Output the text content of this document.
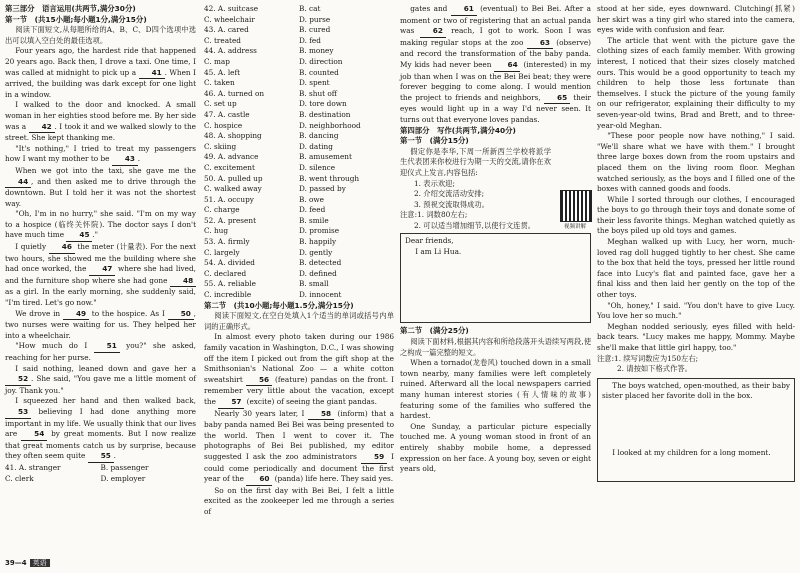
第三部分　语言运用(共两节,满分30分)

第一节　(共15小题;每小题1分,满分15分)

阅读下面短文,从每题所给的A、B、C、D四个选项中选出可以填入空白处的最佳选项。

Four years ago, the hardest ride that happened 20 years ago. Back then, I drove a taxi. One time, I was called at midnight to pick up a 41 . When I arrived, the building was dark except for one light in a window.

I walked to the door and knocked. A small woman in her eighties stood before me. By her side was a 42 . I took it and we walked slowly to the street. She kept thanking me.

"It's nothing," I tried to treat my passengers how I want my mother to be 43 .

When we got into the taxi, she gave me the 44 , and then asked me to drive through the downtown. But I told her it was not the shortest way.

"Oh, I'm in no hurry," she said. "I'm on my way to a hospice (临终关怀院). The doctor says I don't have much time 45 ."

I quietly 46 the meter (计量表). For the next two hours, she showed me the building where she had once worked, the 47 where she had lived, and the furniture shop where she had gone 48 as a girl. In the early morning, she suddenly said, "I'm tired. Let's go now."

We drove in 49 to the hospice. As I 50 , two nurses were waiting for us. They helped her into a wheelchair.

"How much do I 51 you?" she asked, reaching for her purse.

I said nothing, leaned down and gave her a 52 . She said, "You gave me a little moment of joy. Thank you."

I squeezed her hand and then walked back, 53 believing I had done anything more important in my life. We usually think that our lives are 54 by great moments. But I now realize that great moments catch us by surprise, because they often seem quite 55 .

41. A. stranger	B. passenger
C. clerk	D. employer
42. A. suitcase	B. cat
C. wheelchair	D. purse
43. A. cared	B. cured
C. treated	D. fed
44. A. address	B. money
C. map	D. direction
45. A. left	B. counted
C. taken	D. spent
46. A. turned on	B. shut off
C. set up	D. tore down
47. A. castle	B. destination
C. hospice	D. neighborhood
48. A. shopping	B. dancing
C. skiing	D. dating
49. A. advance	B. amusement
C. excitement	D. silence
50. A. pulled up	B. went through
C. walked away	D. passed by
51. A. occupy	B. owe
C. charge	D. feed
52. A. present	B. smile
C. hug	D. promise
53. A. firmly	B. happily
C. largely	D. gently
54. A. divided	B. detected
C. declared	D. defined
55. A. reliable	B. small
C. incredible	D. innocent

第二节　(共10小题;每小题1.5分,满分15分)

阅读下面短文,在空白处填入1个适当的单词或括号内单词的正确形式。

In almost every photo taken during our 1986 family vacation in Washington, D.C., I was showing off the item I picked out from the gift shop at the Smithsonian's National Zoo — a white cotton sweatshirt 56 (feature) pandas on the front. I remember very little about the vacation, except the 57 (excite) of seeing the giant pandas.

Nearly 30 years later, I 58 (inform) that a baby panda named Bei Bei was being presented to the world. Then I went to cover it. The photographs of Bei Bei published, my editor suggested I ask the zoo administrators 59 I could come periodically and document the first year of the 60 (panda) life here. They said yes.

So on the first day with Bei Bei, I felt a little excited as the zookeeper led me through a series of

gates and 61 (eventual) to Bei Bei. After a moment or two of registering that an actual panda was 62 reach, I got to work. Soon I was making regular stops at the zoo 63 (observe) and record the transformation of the baby panda. My kids had never been 64 (interested) in my job than when I was on the Bei Bei beat; they were forever begging to come along. I would mention the project to friends and neighbors, 65 their eyes would light up in a way I'd never seen. It turns out that everyone loves pandas.

第四部分　写作(共两节,满分40分)

第一节　(满分15分)

假定你是李华,下周一所新西兰学校将派学生代表团来你校进行为期一天的交流,请你在欢迎仪式上发言,内容包括:

1. 表示欢迎;

2. 介绍交流活动安排;

3. 预祝交流取得成功。

注意:1. 词数80左右;

2. 可以适当增加细节,以使行文连贯。

Dear friends,

I am Li Hua.

第二节　(满分25分)

阅读下面材料,根据其内容和所给段落开头语续写两段,使之构成一篇完整的短文。

When a tornado(龙卷风) touched down in a small town nearby, many families were left completely ruined. Afterward all the local newspapers carried many human interest stories (有人情味的故事) featuring some of the families who suffered the hardest.

One Sunday, a particular picture especially touched me. A young woman stood in front of an entirely shabby mobile home, a depressed expression on her face. A young boy, seven or eight years old,

视频讲解

stood at her side, eyes downward. Clutching(抓紧) her skirt was a tiny girl who stared into the camera, eyes wide with confusion and fear.

The article that went with the picture gave the clothing sizes of each family member. With growing interest, I noticed that their sizes closely matched ours. This would be a good opportunity to teach my children to help those less fortunate than themselves. I stuck the picture of the young family on our refrigerator, explaining their difficulty to my seven-year-old twins, Brad and Brett, and to three-year-old Meghan.

"These poor people now have nothing," I said. "We'll share what we have with them." I brought three large boxes down from the room upstairs and placed them on the living room floor. Meghan watched seriously, as the boys and I filled one of the boxes with canned goods and foods.

While I sorted through our clothes, I encouraged the boys to go through their toys and donate some of their less favorite things. Meghan watched quietly as the boys piled up old toys and games.

Meghan walked up with Lucy, her worn, much-loved rag doll hugged tightly to her chest. She came to the box that held the toys, pressed her little round face into Lucy's flat and painted face, gave her a final kiss and then laid her gently on the top of the other toys.

"Oh, honey," I said. "You don't have to give Lucy. You love her so much."

Meghan nodded seriously, eyes filled with held-back tears. "Lucy makes me happy, Mommy. Maybe she'll make that little girl happy, too."

注意:1. 续写词数应为150左右;

2. 请按如下格式作答。

The boys watched, open-mouthed, as their baby sister placed her favorite doll in the box.

I looked at my children for a long moment.

39—4 英语
